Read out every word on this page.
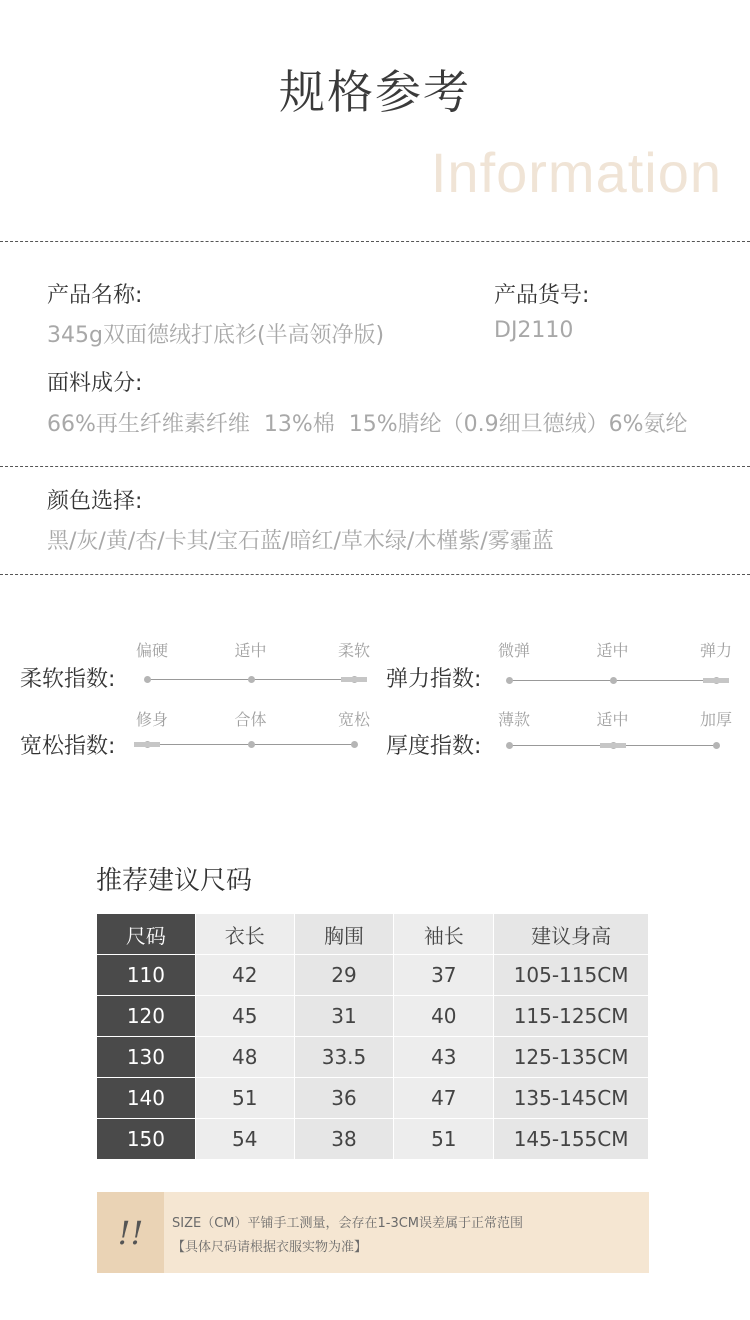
规格参考
Information
产品名称:
345g双面德绒打底衫(半高领净版)
产品货号:
DJ2110
面料成分:
66%再生纤维素纤维  13%棉  15%腈纶（0.9细旦德绒）6%氨纶
颜色选择:
黑/灰/黄/杏/卡其/宝石蓝/暗红/草木绿/木槿紫/雾霾蓝
柔软指数:
偏硬	适中	柔软
弹力指数:
微弹	适中	弹力
宽松指数:
修身	合体	宽松
厚度指数:
薄款	适中	加厚
推荐建议尺码
尺码	衣长	胸围	袖长	建议身高
110	42	29	37	105-115CM
120	45	31	40	115-125CM
130	48	33.5	43	125-135CM
140	51	36	47	135-145CM
150	54	38	51	145-155CM
!!	SIZE（CM）平铺手工测量，会存在1-3CM误差属于正常范围
【具体尺码请根据衣服实物为准】
